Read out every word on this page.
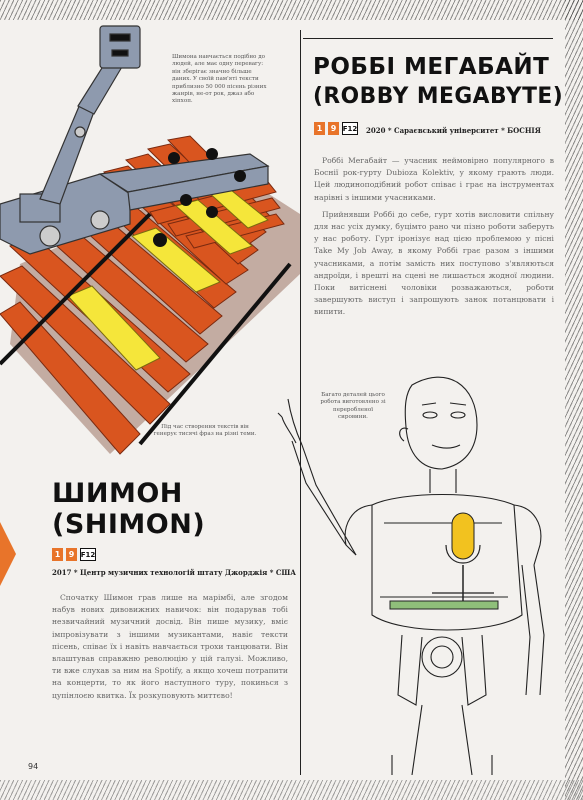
Шимона навчається подібно до людей, але має одну перевагу: він зберігає значно більше даних. У своїй пам'яті тексти приблизно 50 000 пісень різних жанрів, не-от рок, джаз або хіпхоп.
Під час створення текстів він генерує тисячі фраз на різні теми.
РОББІ МЕГАБАЙТ
(ROBBY MEGABYTE)
1	9 F12 2020 * Сараєвський університет * БОСНІЯ

Роббі Мегабайт — учасник неймовірно популярного в Боснії рок-гурту Dubioza Kolektiv, у якому грають люди. Цей людиноподібний робот співає і грає на інструментах нарівні з іншими учасниками.

Прийнявши Роббі до себе, гурт хотів висловити спільну для нас усіх думку, буцімто рано чи пізно роботи заберуть у нас роботу. Гурт іронізує над цією проблемою у пісні Take My Job Away, в якому Роббі грає разом з іншими учасниками, а потім замість них поступово з'являються андроїди, і врешті на сцені не лишається жодної людини. Поки витіснені чоловіки розважаються, роботи завершують виступ і запрошують занок потанцювати і випити.

Багато деталей цього робота виготовлено зі переробленої сировини.
ШИМОН
(SHIMON)
1	9 F12
2017 * Центр музичних технологій штату Джорджія * США

Спочатку Шимон грав лише на марімбі, але згодом набув нових дивовижних навичок: він подарував тобі незвичайний музичний досвід. Він пише музику, вміє імпровізувати з іншими музикантами, навіє тексти пісень, співає їх і навіть навчається трохи танцювати. Він влаштував справжню революцію у цій галузі. Можливо, ти вже слухав за ним на Spotify, а якщо хочеш потрапити на концерти, то як його наступного туру, покинься з цупінлоєю квитка. Їх розкуповують миттєво!

94
